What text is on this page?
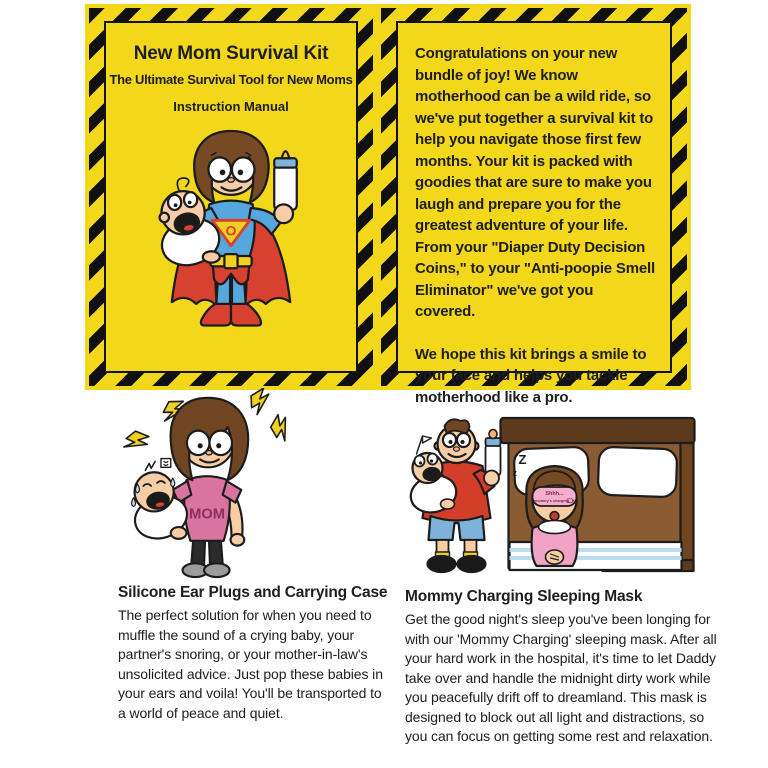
New Mom Survival Kit
The Ultimate Survival Tool for New Moms
Instruction Manual
O

Congratulations on your new bundle of joy! We know motherhood can be a wild ride, so we've put together a survival kit to help you navigate those first few months. Your kit is packed with goodies that are sure to make you laugh and prepare you for the greatest adventure of your life. From your "Diaper Duty Decision Coins," to your "Anti-poopie Smell Eliminator" we've got you covered.

We hope this kit brings a smile to your face and helps you tackle motherhood like a pro.

MOM
Silicone Ear Plugs and Carrying Case

The perfect solution for when you need to muffle the sound of a crying baby, your partner's snoring, or your mother-in-law's unsolicited advice. Just pop these babies in your ears and voila! You'll be transported to a world of peace and quiet.

Z
z
Shhh...
mommy's charging
Mommy Charging Sleeping Mask

Get the good night's sleep you've been longing for with our 'Mommy Charging' sleeping mask. After all your hard work in the hospital, it's time to let Daddy take over and handle the midnight dirty work while you peacefully drift off to dreamland. This mask is designed to block out all light and distractions, so you can focus on getting some rest and relaxation.
